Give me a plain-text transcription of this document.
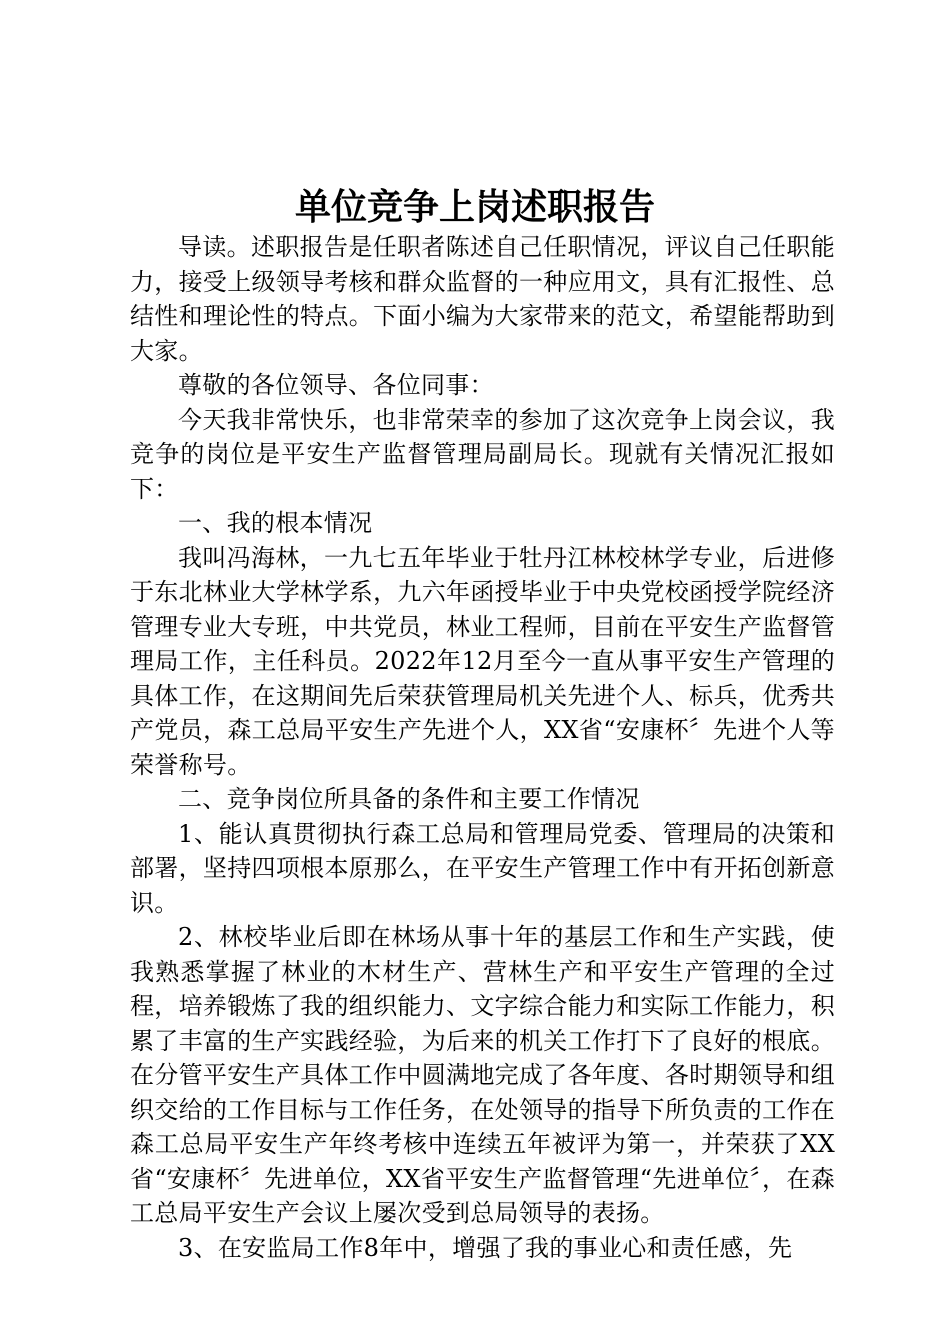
单位竞争上岗述职报告

导读。述职报告是任职者陈述自己任职情况，评议自己任职能力，接受上级领导考核和群众监督的一种应用文，具有汇报性、总结性和理论性的特点。下面小编为大家带来的范文，希望能帮助到大家。

尊敬的各位领导、各位同事：

今天我非常快乐，也非常荣幸的参加了这次竞争上岗会议，我竞争的岗位是平安生产监督管理局副局长。现就有关情况汇报如下：

一、我的根本情况

我叫冯海林，一九七五年毕业于牡丹江林校林学专业，后进修于东北林业大学林学系，九六年函授毕业于中央党校函授学院经济管理专业大专班，中共党员，林业工程师，目前在平安生产监督管理局工作，主任科员。2022年12月至今一直从事平安生产管理的具体工作，在这期间先后荣获管理局机关先进个人、标兵，优秀共产党员，森工总局平安生产先进个人，XX省“安康杯〞先进个人等荣誉称号。

二、竞争岗位所具备的条件和主要工作情况

1、能认真贯彻执行森工总局和管理局党委、管理局的决策和部署，坚持四项根本原那么，在平安生产管理工作中有开拓创新意识。

2、林校毕业后即在林场从事十年的基层工作和生产实践，使我熟悉掌握了林业的木材生产、营林生产和平安生产管理的全过程，培养锻炼了我的组织能力、文字综合能力和实际工作能力，积累了丰富的生产实践经验，为后来的机关工作打下了良好的根底。在分管平安生产具体工作中圆满地完成了各年度、各时期领导和组织交给的工作目标与工作任务，在处领导的指导下所负责的工作在森工总局平安生产年终考核中连续五年被评为第一，并荣获了XX省“安康杯〞先进单位，XX省平安生产监督管理“先进单位〞，在森工总局平安生产会议上屡次受到总局领导的表扬。

3、在安监局工作8年中，增强了我的事业心和责任感，先
